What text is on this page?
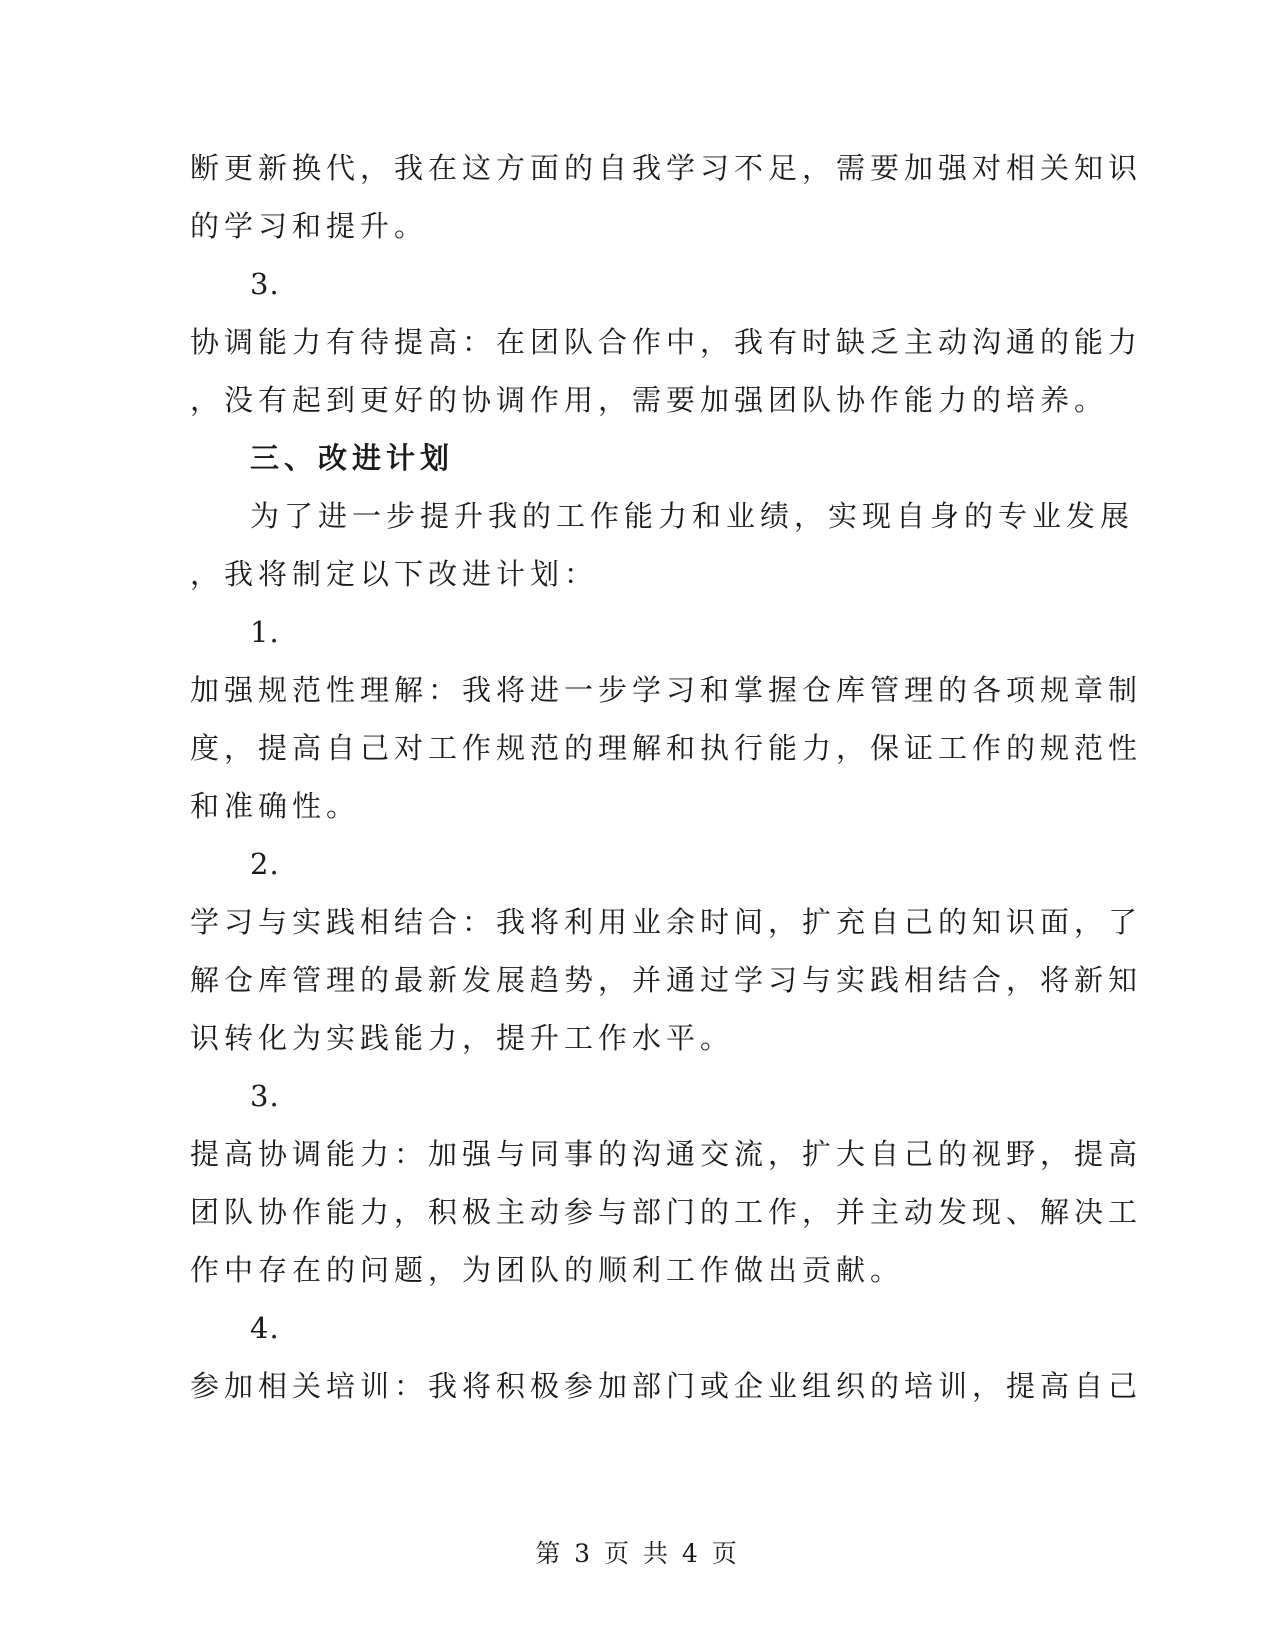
断更新换代，我在这方面的自我学习不足，需要加强对相关知识
的学习和提升。
3.
协调能力有待提高：在团队合作中，我有时缺乏主动沟通的能力
，没有起到更好的协调作用，需要加强团队协作能力的培养。
三、改进计划
为了进一步提升我的工作能力和业绩，实现自身的专业发展
，我将制定以下改进计划：
1.
加强规范性理解：我将进一步学习和掌握仓库管理的各项规章制
度，提高自己对工作规范的理解和执行能力，保证工作的规范性
和准确性。
2.
学习与实践相结合：我将利用业余时间，扩充自己的知识面，了
解仓库管理的最新发展趋势，并通过学习与实践相结合，将新知
识转化为实践能力，提升工作水平。
3.
提高协调能力：加强与同事的沟通交流，扩大自己的视野，提高
团队协作能力，积极主动参与部门的工作，并主动发现、解决工
作中存在的问题，为团队的顺利工作做出贡献。
4.
参加相关培训：我将积极参加部门或企业组织的培训，提高自己
第 3 页 共 4 页
